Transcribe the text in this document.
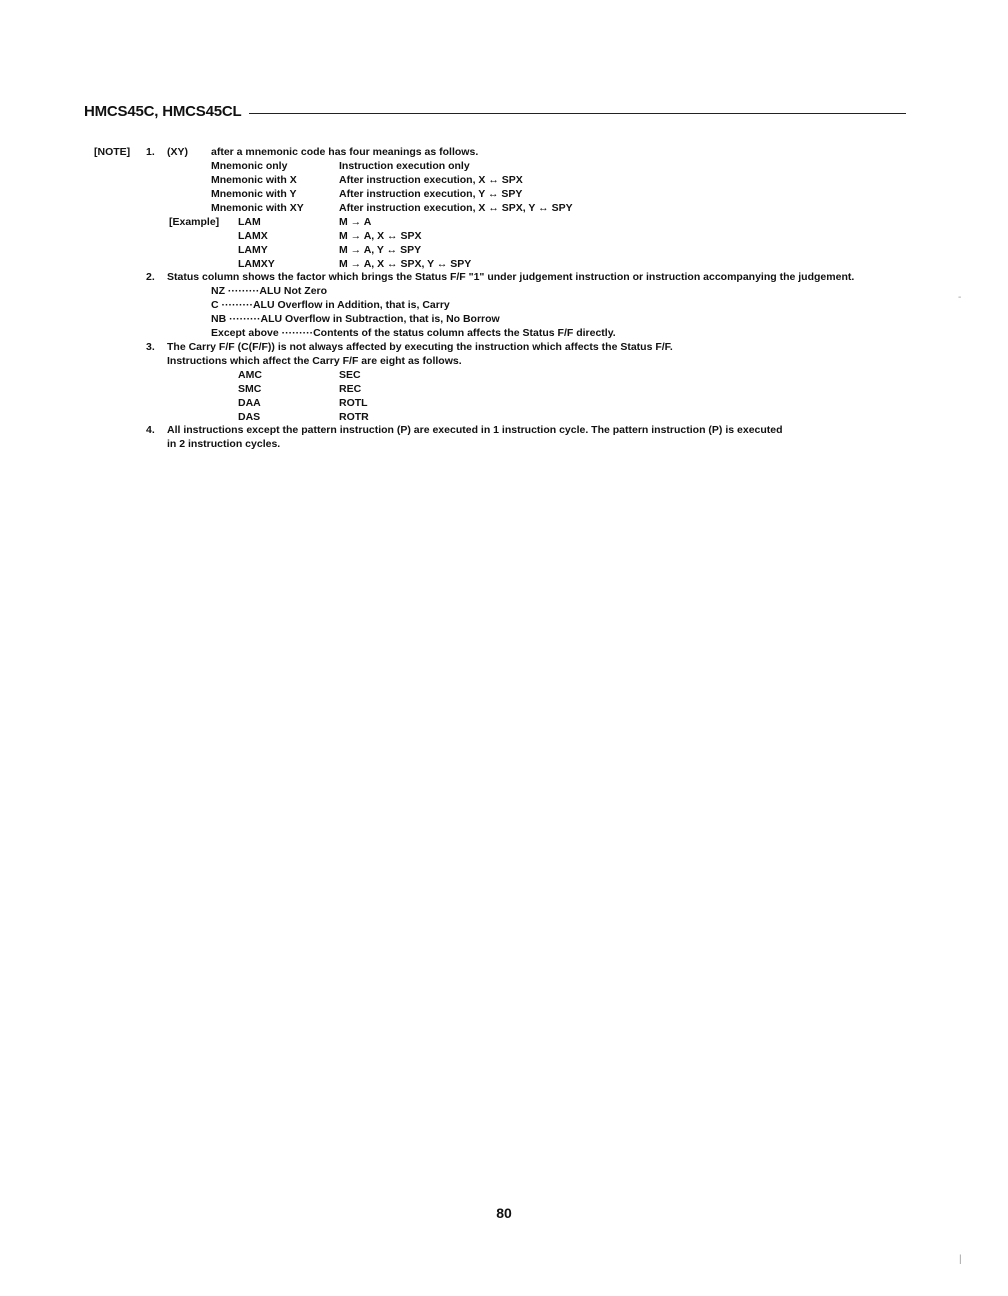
HMCS45C, HMCS45CL
[NOTE] 1. (XY) after a mnemonic code has four meanings as follows.
Mnemonic only	Instruction execution only
Mnemonic with X	After instruction execution, X ↔ SPX
Mnemonic with Y	After instruction execution, Y ↔ SPY
Mnemonic with XY	After instruction execution, X ↔ SPX, Y ↔ SPY
[Example] LAM	M → A
LAMX	M → A, X ↔ SPX
LAMY	M → A, Y ↔ SPY
LAMXY	M → A, X ↔ SPX, Y ↔ SPY
2. Status column shows the factor which brings the Status F/F "1" under judgement instruction or instruction accompanying the judgement.
NZ ·········ALU Not Zero
C ·········ALU Overflow in Addition, that is, Carry
NB ·········ALU Overflow in Subtraction, that is, No Borrow
Except above ·········Contents of the status column affects the Status F/F directly.
3. The Carry F/F (C(F/F)) is not always affected by executing the instruction which affects the Status F/F.
Instructions which affect the Carry F/F are eight as follows.
AMC	SEC
SMC	REC
DAA	ROTL
DAS	ROTR
4. All instructions except the pattern instruction (P) are executed in 1 instruction cycle. The pattern instruction (P) is executed
in 2 instruction cycles.
80
-
|
